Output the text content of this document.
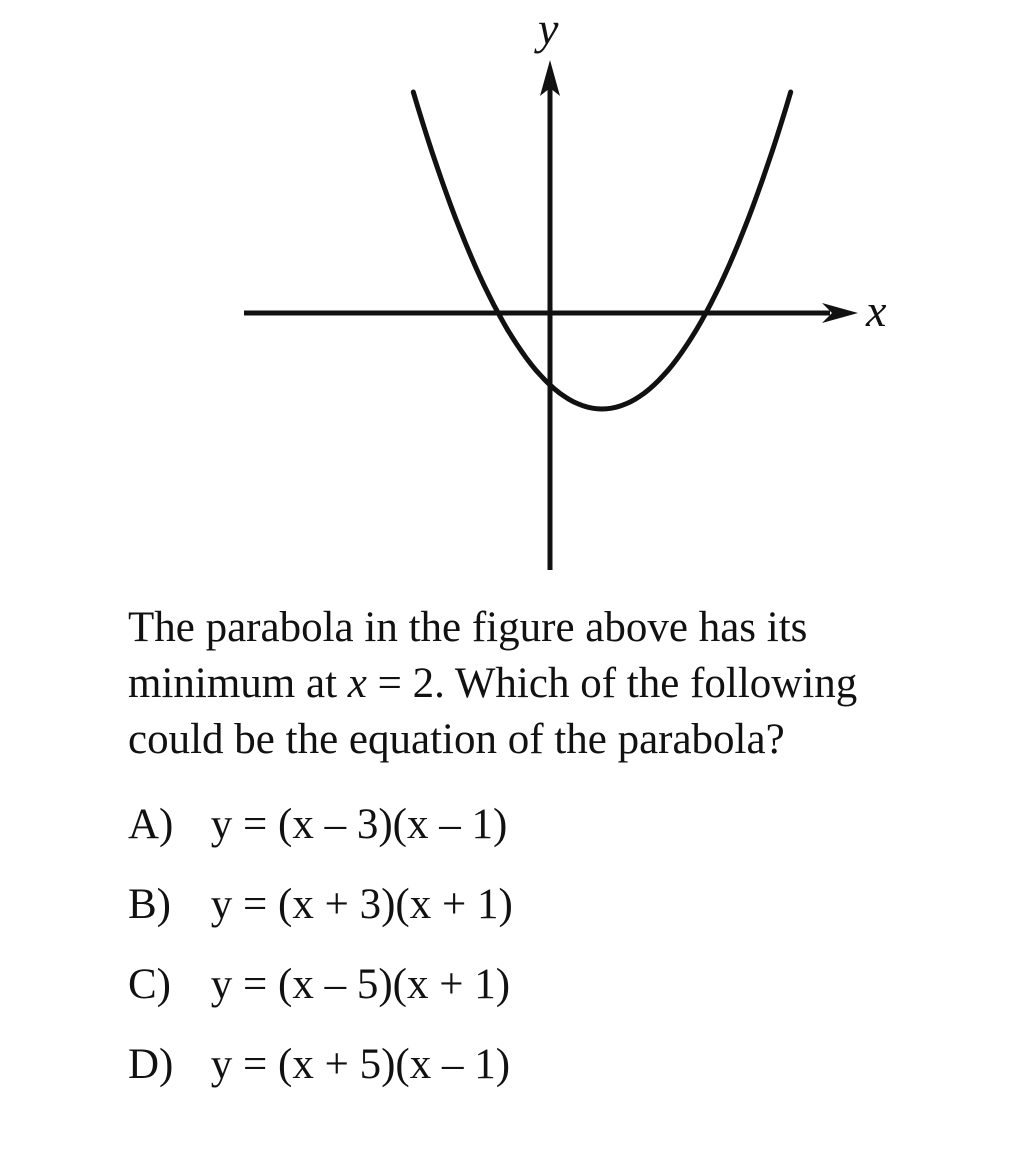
x
y

The parabola in the figure above has its
minimum at x = 2. Which of the following
could be the equation of the parabola?

A) y = (x – 3)(x – 1)
B) y = (x + 3)(x + 1)
C) y = (x – 5)(x + 1)
D) y = (x + 5)(x – 1)
